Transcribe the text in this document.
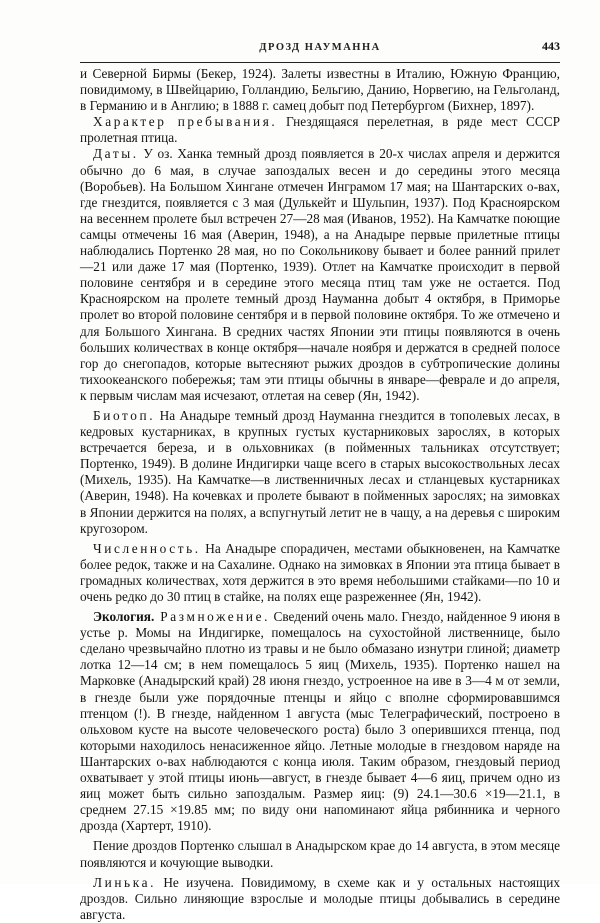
ДРОЗД НАУМАННА	443

и Северной Бирмы (Бекер, 1924). Залеты известны в Италию, Южную Францию, повидимому, в Швейцарию, Голландию, Бельгию, Данию, Норвегию, на Гельголанд, в Германию и в Англию; в 1888 г. самец добыт под Петербургом (Бихнер, 1897).

Характер пребывания. Гнездящаяся перелетная, в ряде мест СССР пролетная птица.

Даты. У оз. Ханка темный дрозд появляется в 20-х числах апреля и держится обычно до 6 мая, в случае запоздалых весен и до середины этого месяца (Воробьев). На Большом Хингане отмечен Инграмом 17 мая; на Шантарских о-вах, где гнездится, появляется с 3 мая (Дулькейт и Шульпин, 1937). Под Красноярском на весеннем пролете был встречен 27—28 мая (Иванов, 1952). На Камчатке поющие самцы отмечены 16 мая (Аверин, 1948), а на Анадыре первые прилетные птицы наблюдались Портенко 28 мая, но по Сокольникову бывает и более ранний прилет—21 или даже 17 мая (Портенко, 1939). Отлет на Камчатке происходит в первой половине сентября и в середине этого месяца птиц там уже не остается. Под Красноярском на пролете темный дрозд Науманна добыт 4 октября, в Приморье пролет во второй половине сентября и в первой половине октября. То же отмечено и для Большого Хингана. В средних частях Японии эти птицы появляются в очень больших количествах в конце октября—начале ноября и держатся в средней полосе гор до снегопадов, которые вытесняют рыжих дроздов в субтропические долины тихоокеанского побережья; там эти птицы обычны в январе—феврале и до апреля, к первым числам мая исчезают, отлетая на север (Ян, 1942).

Биотоп. На Анадыре темный дрозд Науманна гнездится в тополевых лесах, в кедровых кустарниках, в крупных густых кустарниковых зарослях, в которых встречается береза, и в ольховниках (в пойменных тальниках отсутствует; Портенко, 1949). В долине Индигирки чаще всего в старых высокоствольных лесах (Михель, 1935). На Камчатке—в лиственничных лесах и стланцевых кустарниках (Аверин, 1948). На кочевках и пролете бывают в пойменных зарослях; на зимовках в Японии держится на полях, а вспугнутый летит не в чащу, а на деревья с широким кругозором.

Численность. На Анадыре спорадичен, местами обыкновенен, на Камчатке более редок, также и на Сахалине. Однако на зимовках в Японии эта птица бывает в громадных количествах, хотя держится в это время небольшими стайками—по 10 и очень редко до 30 птиц в стайке, на полях еще разреженнее (Ян, 1942).

Экология. Размножение. Сведений очень мало. Гнездо, найденное 9 июня в устье р. Момы на Индигирке, помещалось на сухостойной лиственнице, было сделано чрезвычайно плотно из травы и не было обмазано изнутри глиной; диаметр лотка 12—14 см; в нем помещалось 5 яиц (Михель, 1935). Портенко нашел на Марковке (Анадырский край) 28 июня гнездо, устроенное на иве в 3—4 м от земли, в гнезде были уже порядочные птенцы и яйцо с вполне сформировавшимся птенцом (!). В гнезде, найденном 1 августа (мыс Телеграфический, построено в ольховом кусте на высоте человеческого роста) было 3 оперившихся птенца, под которыми находилось ненасиженное яйцо. Летные молодые в гнездовом наряде на Шантарских о-вах наблюдаются с конца июля. Таким образом, гнездовый период охватывает у этой птицы июнь—август, в гнезде бывает 4—6 яиц, причем одно из яиц может быть сильно запоздалым. Размер яиц: (9) 24.1—30.6 ×19—21.1, в среднем 27.15 ×19.85 мм; по виду они напоминают яйца рябинника и черного дрозда (Хартерт, 1910).

Пение дроздов Портенко слышал в Анадырском крае до 14 августа, в этом месяце появляются и кочующие выводки.

Линька. Не изучена. Повидимому, в схеме как и у остальных настоящих дроздов. Сильно линяющие взрослые и молодые птицы добывались в середине августа.
